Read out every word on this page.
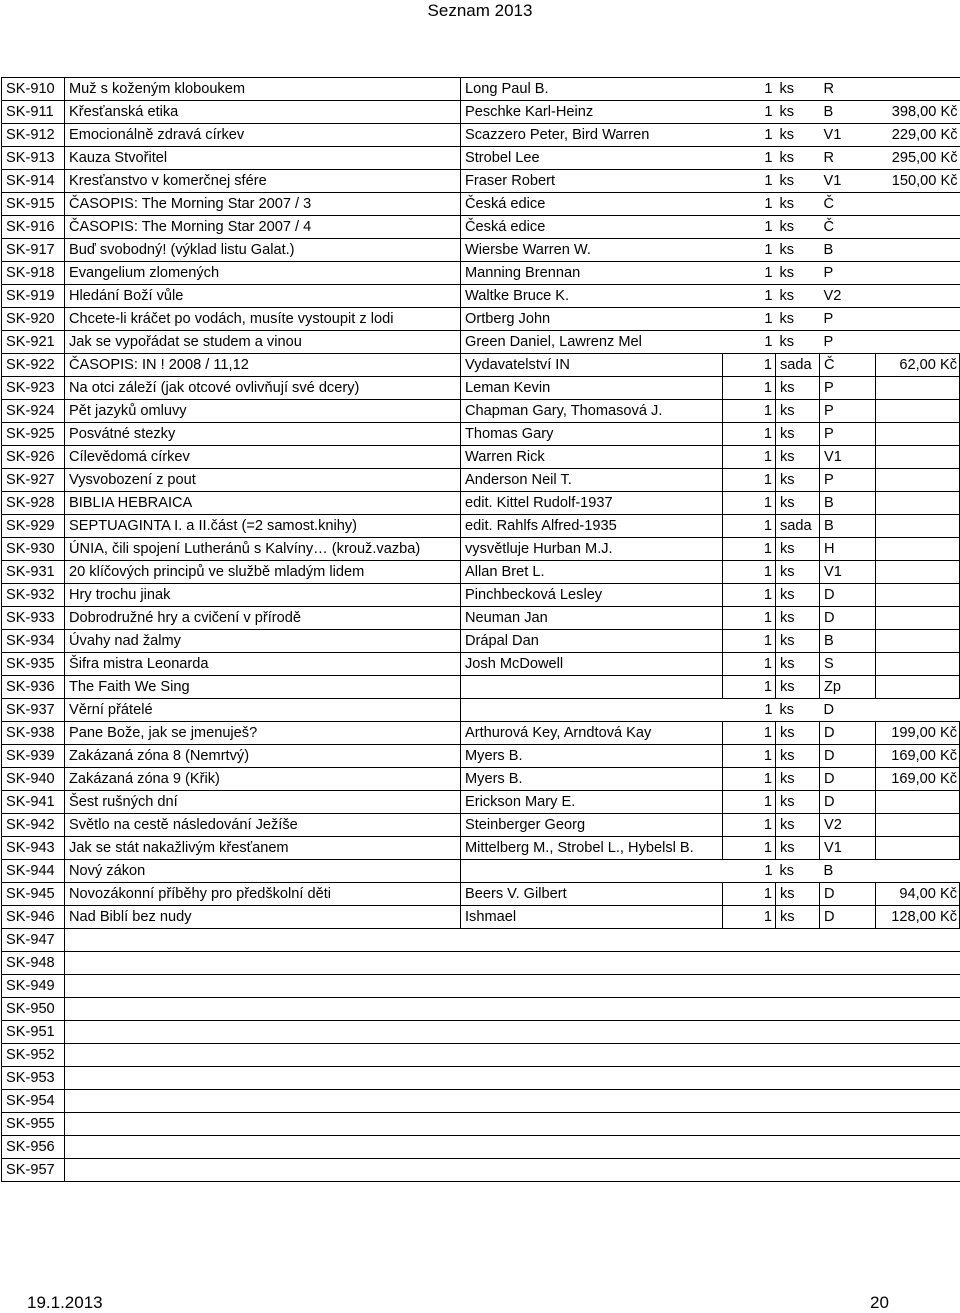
Seznam 2013
SK-910	Muž s koženým kloboukem	Long Paul B.	1	ks	R	
SK-911	Křesťanská etika	Peschke Karl-Heinz	1	ks	B	398,00 Kč
SK-912	Emocionálně zdravá církev	Scazzero Peter, Bird Warren	1	ks	V1	229,00 Kč
SK-913	Kauza Stvořitel	Strobel Lee	1	ks	R	295,00 Kč
SK-914	Kresťanstvo v komerčnej sfére	Fraser Robert	1	ks	V1	150,00 Kč
SK-915	ČASOPIS: The Morning Star 2007 / 3	Česká edice	1	ks	Č	
SK-916	ČASOPIS: The Morning Star 2007 / 4	Česká edice	1	ks	Č	
SK-917	Buď svobodný! (výklad listu Galat.)	Wiersbe Warren W.	1	ks	B	
SK-918	Evangelium zlomených	Manning Brennan	1	ks	P	
SK-919	Hledání Boží vůle	Waltke Bruce K.	1	ks	V2	
SK-920	Chcete-li kráčet po vodách, musíte vystoupit z lodi	Ortberg John	1	ks	P	
SK-921	Jak se vypořádat se studem a vinou	Green Daniel, Lawrenz Mel	1	ks	P	
SK-922	ČASOPIS: IN ! 2008 / 11,12	Vydavatelství IN	1	sada	Č	62,00 Kč
SK-923	Na otci záleží (jak otcové ovlivňují své dcery)	Leman Kevin	1	ks	P	
SK-924	Pět jazyků omluvy	Chapman Gary, Thomasová J.	1	ks	P	
SK-925	Posvátné stezky	Thomas Gary	1	ks	P	
SK-926	Cílevědomá církev	Warren Rick	1	ks	V1	
SK-927	Vysvobození z pout	Anderson Neil T.	1	ks	P	
SK-928	BIBLIA HEBRAICA	edit. Kittel Rudolf-1937	1	ks	B	
SK-929	SEPTUAGINTA I. a II.část (=2 samost.knihy)	edit. Rahlfs Alfred-1935	1	sada	B	
SK-930	ÚNIA, čili spojení Lutheránů s Kalvíny… (krouž.vazba)	vysvětluje Hurban M.J.	1	ks	H	
SK-931	20 klíčových principů ve službě mladým lidem	Allan Bret L.	1	ks	V1	
SK-932	Hry trochu jinak	Pinchbecková Lesley	1	ks	D	
SK-933	Dobrodružné hry a cvičení v přírodě	Neuman Jan	1	ks	D	
SK-934	Úvahy nad žalmy	Drápal Dan	1	ks	B	
SK-935	Šifra mistra Leonarda	Josh McDowell	1	ks	S	
SK-936	The Faith We Sing		1	ks	Zp	
SK-937	Věrní přátelé		1	ks	D	
SK-938	Pane Bože, jak se jmenuješ?	Arthurová Key, Arndtová Kay	1	ks	D	199,00 Kč
SK-939	Zakázaná zóna 8 (Nemrtvý)	Myers B.	1	ks	D	169,00 Kč
SK-940	Zakázaná zóna 9 (Křik)	Myers B.	1	ks	D	169,00 Kč
SK-941	Šest rušných dní	Erickson Mary E.	1	ks	D	
SK-942	Světlo na cestě následování Ježíše	Steinberger Georg	1	ks	V2	
SK-943	Jak se stát nakažlivým křesťanem	Mittelberg M., Strobel L., Hybelsl B.	1	ks	V1	
SK-944	Nový zákon		1	ks	B	
SK-945	Novozákonní příběhy pro předškolní děti	Beers V. Gilbert	1	ks	D	94,00 Kč
SK-946	Nad Biblí bez nudy	Ishmael	1	ks	D	128,00 Kč
SK-947						
SK-948						
SK-949						
SK-950						
SK-951						
SK-952						
SK-953						
SK-954						
SK-955						
SK-956						
SK-957						
19.1.2013	20
